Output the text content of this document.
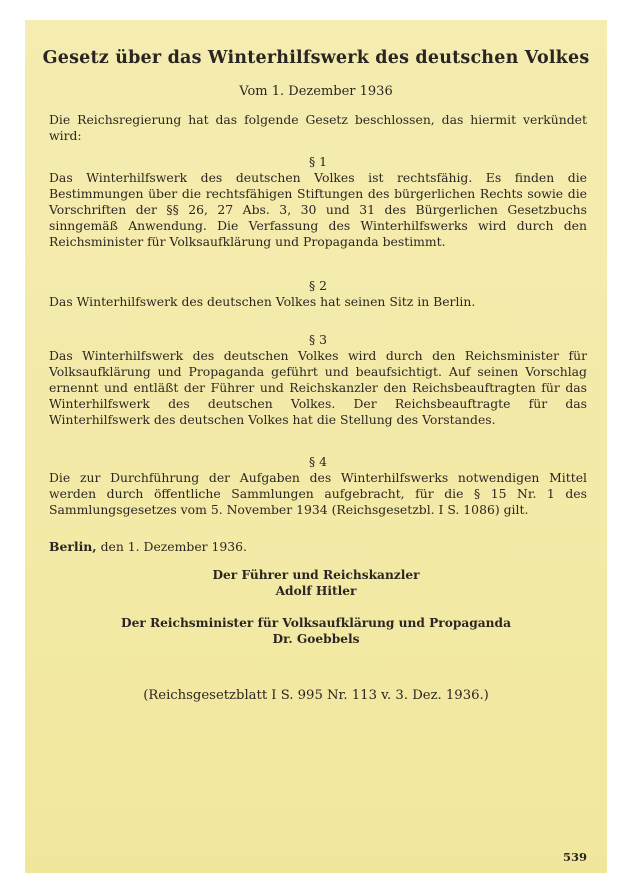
Gesetz über das Winterhilfswerk des deutschen Volkes
Vom 1. Dezember 1936
Die Reichsregierung hat das folgende Gesetz beschlossen, das hiermit verkündet wird:
§ 1
Das Winterhilfswerk des deutschen Volkes ist rechtsfähig. Es finden die Bestimmungen über die rechtsfähigen Stiftungen des bürgerlichen Rechts sowie die Vorschriften der §§ 26, 27 Abs. 3, 30 und 31 des Bürgerlichen Gesetzbuchs sinngemäß Anwendung. Die Verfassung des Winterhilfswerks wird durch den Reichsminister für Volksaufklärung und Propaganda bestimmt.
§ 2
Das Winterhilfswerk des deutschen Volkes hat seinen Sitz in Berlin.
§ 3
Das Winterhilfswerk des deutschen Volkes wird durch den Reichsminister für Volksaufklärung und Propaganda geführt und beaufsichtigt. Auf seinen Vorschlag ernennt und entläßt der Führer und Reichskanzler den Reichsbeauftragten für das Winterhilfswerk des deutschen Volkes. Der Reichsbeauftragte für das Winterhilfswerk des deutschen Volkes hat die Stellung des Vorstandes.
§ 4
Die zur Durchführung der Aufgaben des Winterhilfswerks notwendigen Mittel werden durch öffentliche Sammlungen aufgebracht, für die § 15 Nr. 1 des Sammlungsgesetzes vom 5. November 1934 (Reichsgesetzbl. I S. 1086) gilt.
Berlin, den 1. Dezember 1936.
Der Führer und Reichskanzler
Adolf Hitler
Der Reichsminister für Volksaufklärung und Propaganda
Dr. Goebbels
(Reichsgesetzblatt I S. 995 Nr. 113 v. 3. Dez. 1936.)
539
